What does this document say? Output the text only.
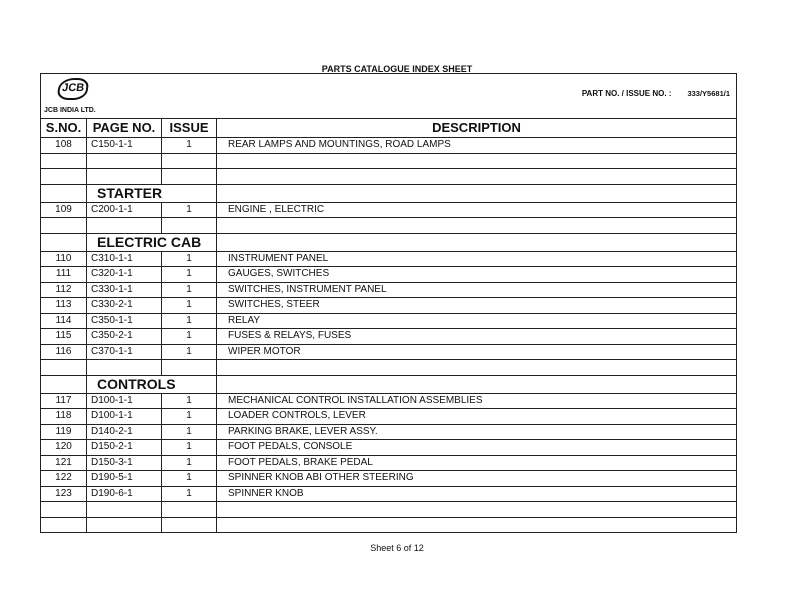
PARTS CATALOGUE INDEX SHEET
JCB
JCB INDIA LTD.
PART NO. / ISSUE NO. : 333/Y5681/1
S.NO.	PAGE NO.	ISSUE	DESCRIPTION
108	C150-1-1	1	REAR LAMPS AND MOUNTINGS, ROAD LAMPS

	STARTER		
109	C200-1-1	1	ENGINE , ELECTRIC

	ELECTRIC CAB		
110	C310-1-1	1	INSTRUMENT PANEL
111	C320-1-1	1	GAUGES, SWITCHES
112	C330-1-1	1	SWITCHES, INSTRUMENT PANEL
113	C330-2-1	1	SWITCHES, STEER
114	C350-1-1	1	RELAY
115	C350-2-1	1	FUSES & RELAYS, FUSES
116	C370-1-1	1	WIPER MOTOR

	CONTROLS		
117	D100-1-1	1	MECHANICAL CONTROL INSTALLATION ASSEMBLIES
118	D100-1-1	1	LOADER CONTROLS, LEVER
119	D140-2-1	1	PARKING BRAKE, LEVER ASSY.
120	D150-2-1	1	FOOT PEDALS, CONSOLE
121	D150-3-1	1	FOOT PEDALS, BRAKE PEDAL
122	D190-5-1	1	SPINNER KNOB ABI OTHER STEERING
123	D190-6-1	1	SPINNER KNOB

Sheet 6 of 12
